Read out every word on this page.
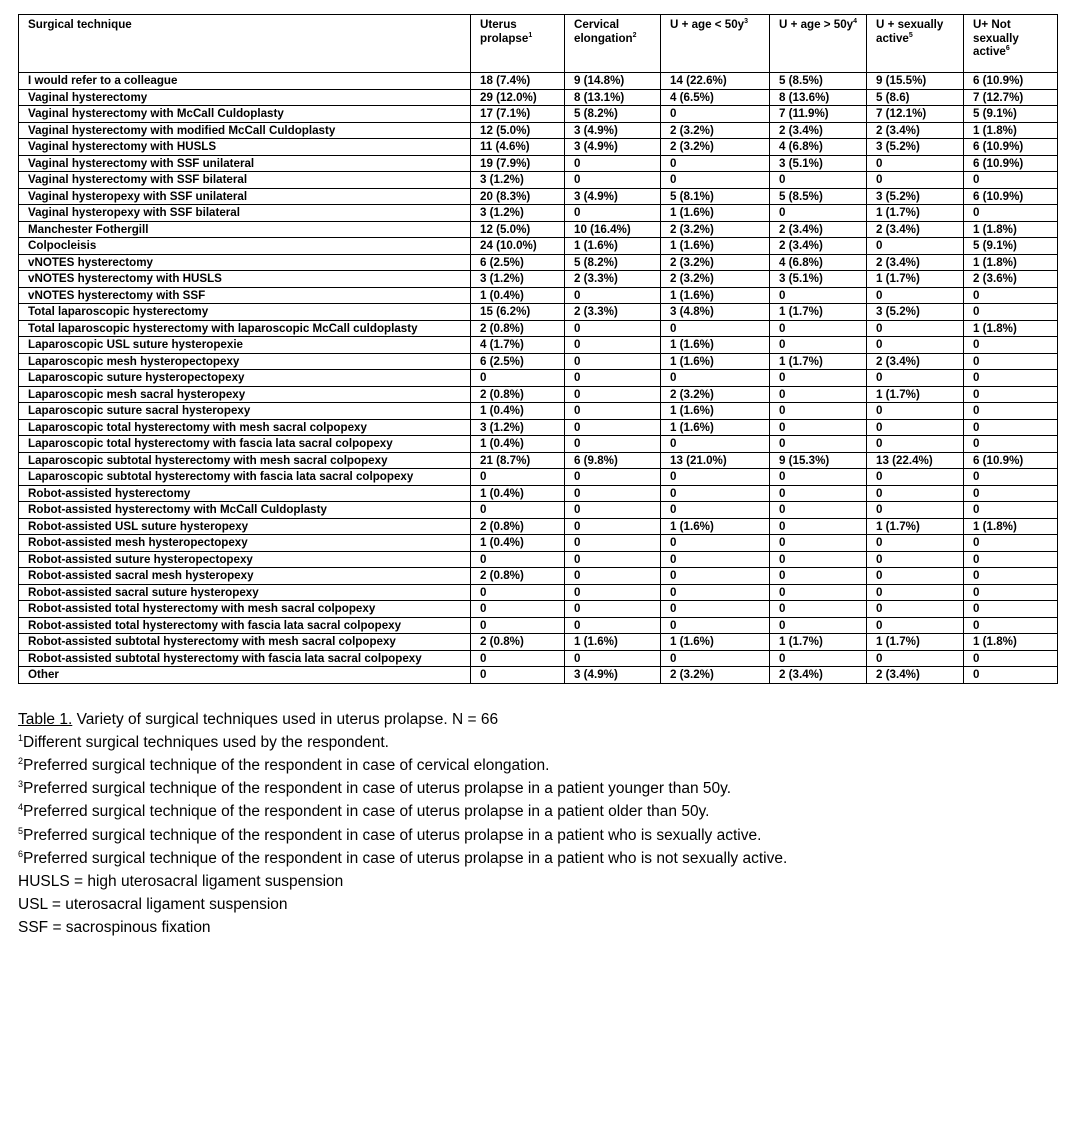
Surgical technique	Uterus prolapse$^1$	Cervical elongation$^2$	U + age < $50y^3$	U + age > $50y^4$	U + sexually active$^5$	U+ Not sexually active$^6$
I would refer to a colleague	18 (7.4%)	9 (14.8%)	14 (22.6%)	5 (8.5%)	9 (15.5%)	6 (10.9%)
Vaginal hysterectomy	29 (12.0%)	8 (13.1%)	4 (6.5%)	8 (13.6%)	5 (8.6)	7 (12.7%)
Vaginal hysterectomy with McCall Culdoplasty	17 (7.1%)	5 (8.2%)	0	7 (11.9%)	7 (12.1%)	5 (9.1%)
Vaginal hysterectomy with modified McCall Culdoplasty	12 (5.0%)	3 (4.9%)	2 (3.2%)	2 (3.4%)	2 (3.4%)	1 (1.8%)
Vaginal hysterectomy with HUSLS	11 (4.6%)	3 (4.9%)	2 (3.2%)	4 (6.8%)	3 (5.2%)	6 (10.9%)
Vaginal hysterectomy with SSF unilateral	19 (7.9%)	0	0	3 (5.1%)	0	6 (10.9%)
Vaginal hysterectomy with SSF bilateral	3 (1.2%)	0	0	0	0	0
Vaginal hysteropexy with SSF unilateral	20 (8.3%)	3 (4.9%)	5 (8.1%)	5 (8.5%)	3 (5.2%)	6 (10.9%)
Vaginal hysteropexy with SSF bilateral	3 (1.2%)	0	1 (1.6%)	0	1 (1.7%)	0
Manchester Fothergill	12 (5.0%)	10 (16.4%)	2 (3.2%)	2 (3.4%)	2 (3.4%)	1 (1.8%)
Colpocleisis	24 (10.0%)	1 (1.6%)	1 (1.6%)	2 (3.4%)	0	5 (9.1%)
vNOTES hysterectomy	6 (2.5%)	5 (8.2%)	2 (3.2%)	4 (6.8%)	2 (3.4%)	1 (1.8%)
vNOTES hysterectomy with HUSLS	3 (1.2%)	2 (3.3%)	2 (3.2%)	3 (5.1%)	1 (1.7%)	2 (3.6%)
vNOTES hysterectomy with SSF	1 (0.4%)	0	1 (1.6%)	0	0	0
Total laparoscopic hysterectomy	15 (6.2%)	2 (3.3%)	3 (4.8%)	1 (1.7%)	3 (5.2%)	0
Total laparoscopic hysterectomy with laparoscopic McCall culdoplasty	2 (0.8%)	0	0	0	0	1 (1.8%)
Laparoscopic USL suture hysteropexie	4 (1.7%)	0	1 (1.6%)	0	0	0
Laparoscopic mesh hysteropectopexy	6 (2.5%)	0	1 (1.6%)	1 (1.7%)	2 (3.4%)	0
Laparoscopic suture hysteropectopexy	0	0	0	0	0	0
Laparoscopic mesh sacral hysteropexy	2 (0.8%)	0	2 (3.2%)	0	1 (1.7%)	0
Laparoscopic suture sacral hysteropexy	1 (0.4%)	0	1 (1.6%)	0	0	0
Laparoscopic total hysterectomy with mesh sacral colpopexy	3 (1.2%)	0	1 (1.6%)	0	0	0
Laparoscopic total hysterectomy with fascia lata sacral colpopexy	1 (0.4%)	0	0	0	0	0
Laparoscopic subtotal hysterectomy with mesh sacral colpopexy	21 (8.7%)	6 (9.8%)	13 (21.0%)	9 (15.3%)	13 (22.4%)	6 (10.9%)
Laparoscopic subtotal hysterectomy with fascia lata sacral colpopexy	0	0	0	0	0	0
Robot-assisted hysterectomy	1 (0.4%)	0	0	0	0	0
Robot-assisted hysterectomy with McCall Culdoplasty	0	0	0	0	0	0
Robot-assisted USL suture hysteropexy	2 (0.8%)	0	1 (1.6%)	0	1 (1.7%)	1 (1.8%)
Robot-assisted mesh hysteropectopexy	1 (0.4%)	0	0	0	0	0
Robot-assisted suture hysteropectopexy	0	0	0	0	0	0
Robot-assisted sacral mesh hysteropexy	2 (0.8%)	0	0	0	0	0
Robot-assisted sacral suture hysteropexy	0	0	0	0	0	0
Robot-assisted total hysterectomy with mesh sacral colpopexy	0	0	0	0	0	0
Robot-assisted total hysterectomy with fascia lata sacral colpopexy	0	0	0	0	0	0
Robot-assisted subtotal hysterectomy with mesh sacral colpopexy	2 (0.8%)	1 (1.6%)	1 (1.6%)	1 (1.7%)	1 (1.7%)	1 (1.8%)
Robot-assisted subtotal hysterectomy with fascia lata sacral colpopexy	0	0	0	0	0	0
Other	0	3 (4.9%)	2 (3.2%)	2 (3.4%)	2 (3.4%)	0
Table 1. Variety of surgical techniques used in uterus prolapse. N = 66
$^1$Different surgical techniques used by the respondent.
$^2$Preferred surgical technique of the respondent in case of cervical elongation.
$^3$Preferred surgical technique of the respondent in case of uterus prolapse in a patient younger than 50y.
$^4$Preferred surgical technique of the respondent in case of uterus prolapse in a patient older than 50y.
$^5$Preferred surgical technique of the respondent in case of uterus prolapse in a patient who is sexually active.
$^6$Preferred surgical technique of the respondent in case of uterus prolapse in a patient who is not sexually active.
HUSLS = high uterosacral ligament suspension
USL = uterosacral ligament suspension
SSF = sacrospinous fixation
